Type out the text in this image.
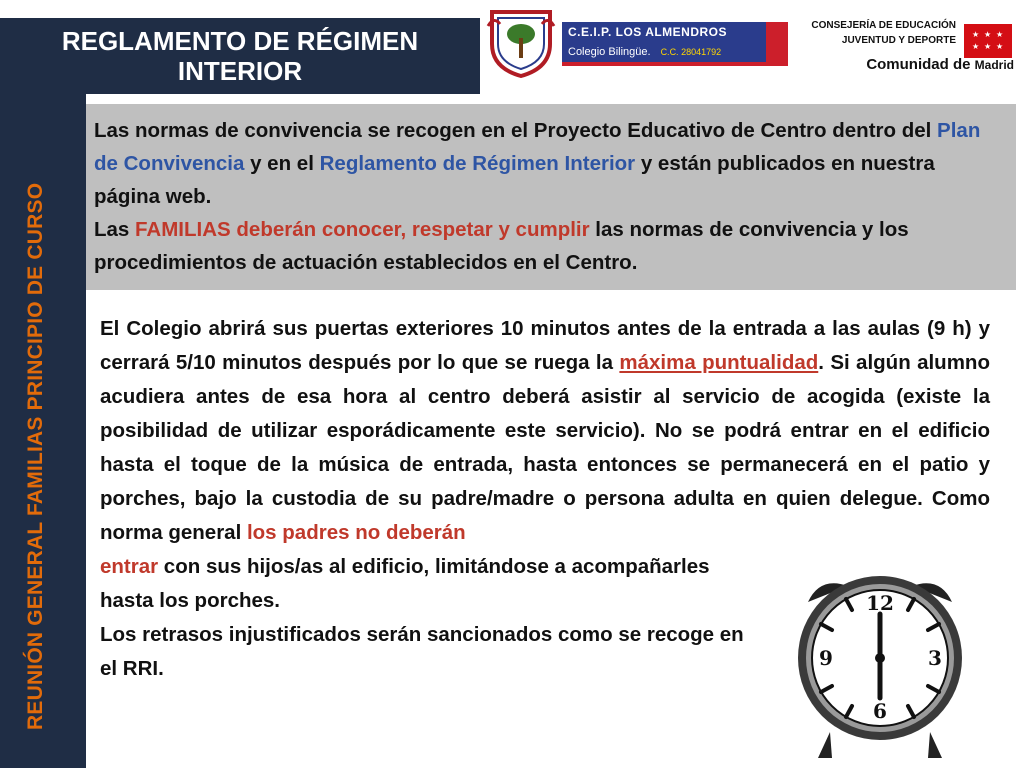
REGLAMENTO DE RÉGIMEN
INTERIOR
REUNIÓN GENERAL FAMILIAS PRINCIPIO DE CURSO
C.E.I.P. LOS ALMENDROS
Colegio Bilingüe. C.C. 28041792
CONSEJERÍA DE EDUCACIÓN
JUVENTUD Y DEPORTE
★ ★ ★
★ ★ ★
Comunidad de Madrid
Las normas de convivencia se recogen en el Proyecto Educativo de Centro dentro del Plan de Convivencia y en el Reglamento de Régimen Interior y están publicados en nuestra página web.
Las FAMILIAS deberán conocer, respetar y cumplir las normas de convivencia y los procedimientos de actuación establecidos en el Centro.
El Colegio abrirá sus puertas exteriores 10 minutos antes de la entrada a las aulas (9 h) y cerrará 5/10 minutos después por lo que se ruega la máxima puntualidad. Si algún alumno acudiera antes de esa hora al centro deberá asistir al servicio de acogida (existe la posibilidad de utilizar esporádicamente este servicio). No se podrá entrar en el edificio hasta el toque de la música de entrada, hasta entonces se permanecerá en el patio y porches, bajo la custodia de su padre/madre o persona adulta en quien delegue. Como norma general los padres no deberán
entrar con sus hijos/as al edificio, limitándose a acompañarles hasta los porches.
Los retrasos injustificados serán sancionados como se recoge en el RRI.
12
3
6
9
